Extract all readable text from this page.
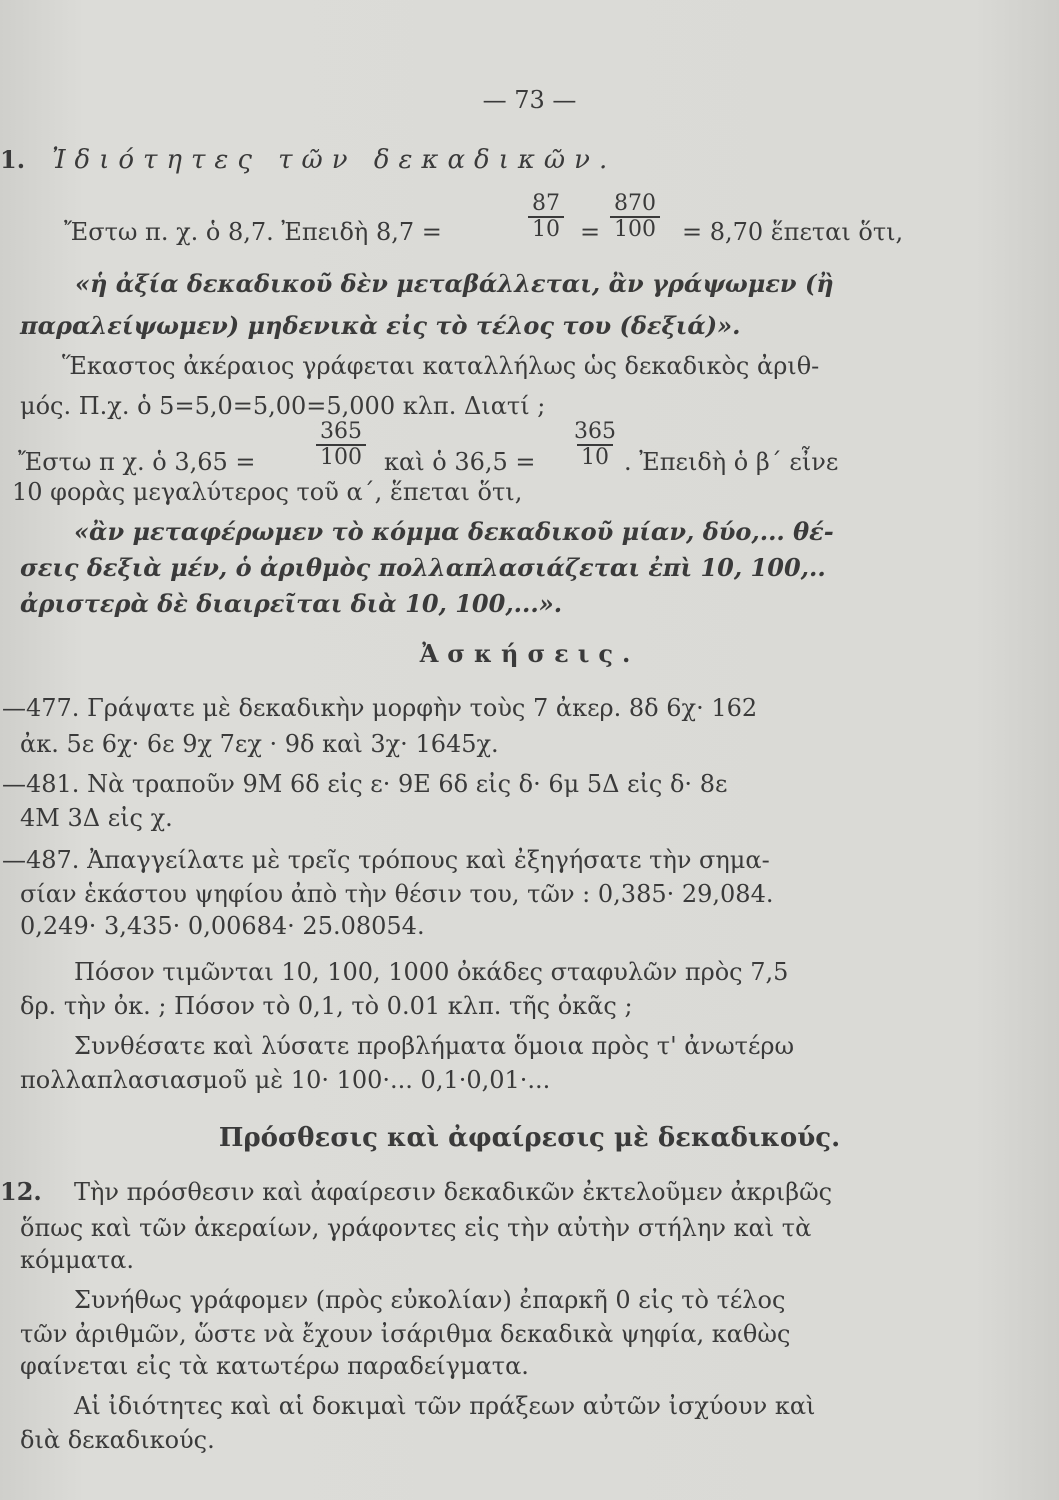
— 73 —
1. Ἰδιότητες τῶν δεκαδικῶν.
Ἔστω π. χ. ὁ 8,7. Ἐπειδὴ 8,7 =	$\frac{87}{10} = \frac{870}{100} = 8,70$ ἕπεται ὅτι,
«ἡ ἀξία δεκαδικοῦ δὲν μεταβάλλεται, ἂν γράψωμεν (ἢ
παραλείψωμεν) μηδενικὰ εἰς τὸ τέλος του (δεξιά)».
Ἕκαστος ἀκέραιος γράφεται καταλλήλως ὡς δεκαδικὸς ἀριθ-
μός. Π.χ. ὁ 5=5,0=5,00=5,000 κλπ. Διατί ;
Ἔστω π χ. ὁ 3,65 =	$\frac{365}{100}$ καὶ ὁ $36,5 = \frac{365}{10}$ . Ἐπειδὴ ὁ β΄ εἶνε
10 φορὰς μεγαλύτερος τοῦ α΄, ἕπεται ὅτι,
«ἂν μεταφέρωμεν τὸ κόμμα δεκαδικοῦ μίαν, δύο,... θέ-
σεις δεξιὰ μέν, ὁ ἀριθμὸς πολλαπλασιάζεται ἐπὶ 10, 100,..
ἀριστερὰ δὲ διαιρεῖται διὰ 10, 100,...».
Ἀσκήσεις.
—477. Γράψατε μὲ δεκαδικὴν μορφὴν τοὺς 7 ἀκερ. 8δ 6χ· 162
ἀκ. 5ε 6χ· 6ε 9χ 7εχ · 9δ καὶ 3χ· 1645χ.
—481. Νὰ τραποῦν 9Μ 6δ εἰς ε· 9Ε 6δ εἰς δ· 6μ 5Δ εἰς δ· 8ε
4Μ 3Δ εἰς χ.
—487. Ἀπαγγείλατε μὲ τρεῖς τρόπους καὶ ἐξηγήσατε τὴν σημα-
σίαν ἑκάστου ψηφίου ἀπὸ τὴν θέσιν του, τῶν : 0,385· 29,084.
0,249· 3,435· 0,00684· 25.08054.
Πόσον τιμῶνται 10, 100, 1000 ὀκάδες σταφυλῶν πρὸς 7,5
δρ. τὴν ὀκ. ; Πόσον τὸ 0,1, τὸ 0.01 κλπ. τῆς ὀκᾶς ;
Συνθέσατε καὶ λύσατε προβλήματα ὅμοια πρὸς τ' ἀνωτέρω
πολλαπλασιασμοῦ μὲ 10· 100·... 0,1·0,01·...
Πρόσθεσις καὶ ἀφαίρεσις μὲ δεκαδικούς.
12. Τὴν πρόσθεσιν καὶ ἀφαίρεσιν δεκαδικῶν ἐκτελοῦμεν ἀκριβῶς
ὅπως καὶ τῶν ἀκεραίων, γράφοντες εἰς τὴν αὐτὴν στήλην καὶ τὰ
κόμματα.
Συνήθως γράφομεν (πρὸς εὐκολίαν) ἐπαρκῆ 0 εἰς τὸ τέλος
τῶν ἀριθμῶν, ὥστε νὰ ἔχουν ἰσάριθμα δεκαδικὰ ψηφία, καθὼς
φαίνεται εἰς τὰ κατωτέρω παραδείγματα.
Αἱ ἰδιότητες καὶ αἱ δοκιμαὶ τῶν πράξεων αὐτῶν ἰσχύουν καὶ
διὰ δεκαδικούς.
